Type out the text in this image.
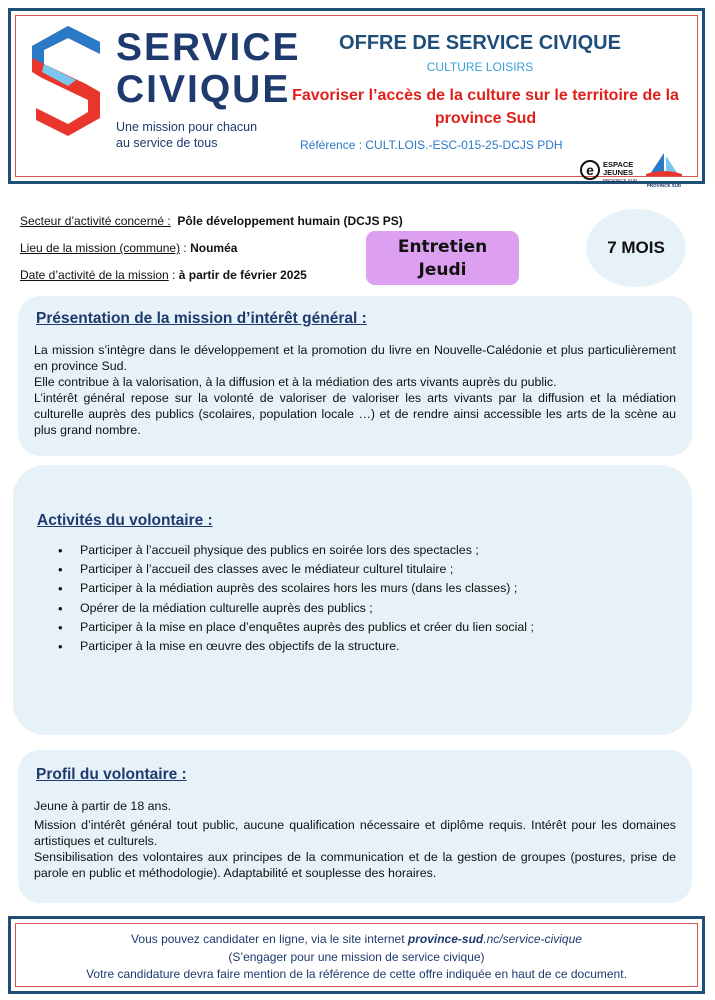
SERVICE
CIVIQUE
Une mission pour chacun
au service de tous
OFFRE DE SERVICE CIVIQUE
CULTURE LOISIRS
Favoriser l’accès de la culture sur le territoire de la province Sud
Référence : CULT.LOIS.-ESC-015-25-DCJS PDH
e	ESPACE
JEUNES
PROVINCE SUD
PROVINCE SUD
Secteur d’activité concerné : Pôle développement humain (DCJS PS)
Lieu de la mission (commune) : Nouméa
Date d’activité de la mission : à partir de février 2025
Entretien
Jeudi
7 MOIS
Présentation de la mission d’intérêt général :

La mission s’intègre dans le développement et la promotion du livre en Nouvelle-Calédonie et plus particulièrement en province Sud.

Elle contribue à la valorisation, à la diffusion et à la médiation des arts vivants auprès du public.

L’intérêt général repose sur la volonté de valoriser de valoriser les arts vivants par la diffusion et la médiation culturelle auprès des publics (scolaires, population locale …) et de rendre ainsi accessible les arts de la scène au plus grand nombre.

Activités du volontaire :
• Participer à l’accueil physique des publics en soirée lors des spectacles ;
• Participer à l’accueil des classes avec le médiateur culturel titulaire ;
• Participer à la médiation auprès des scolaires hors les murs (dans les classes) ;
• Opérer de la médiation culturelle auprès des publics ;
• Participer à la mise en place d’enquêtes auprès des publics et créer du lien social ;
• Participer à la mise en œuvre des objectifs de la structure.
Profil du volontaire :

Jeune à partir de 18 ans.

Mission d’intérêt général tout public, aucune qualification nécessaire et diplôme requis. Intérêt pour les domaines artistiques et culturels.

Sensibilisation des volontaires aux principes de la communication et de la gestion de groupes (postures, prise de parole en public et méthodologie). Adaptabilité et souplesse des horaires.

Vous pouvez candidater en ligne, via le site internet province-sud.nc/service-civique
(S’engager pour une mission de service civique)
Votre candidature devra faire mention de la référence de cette offre indiquée en haut de ce document.
